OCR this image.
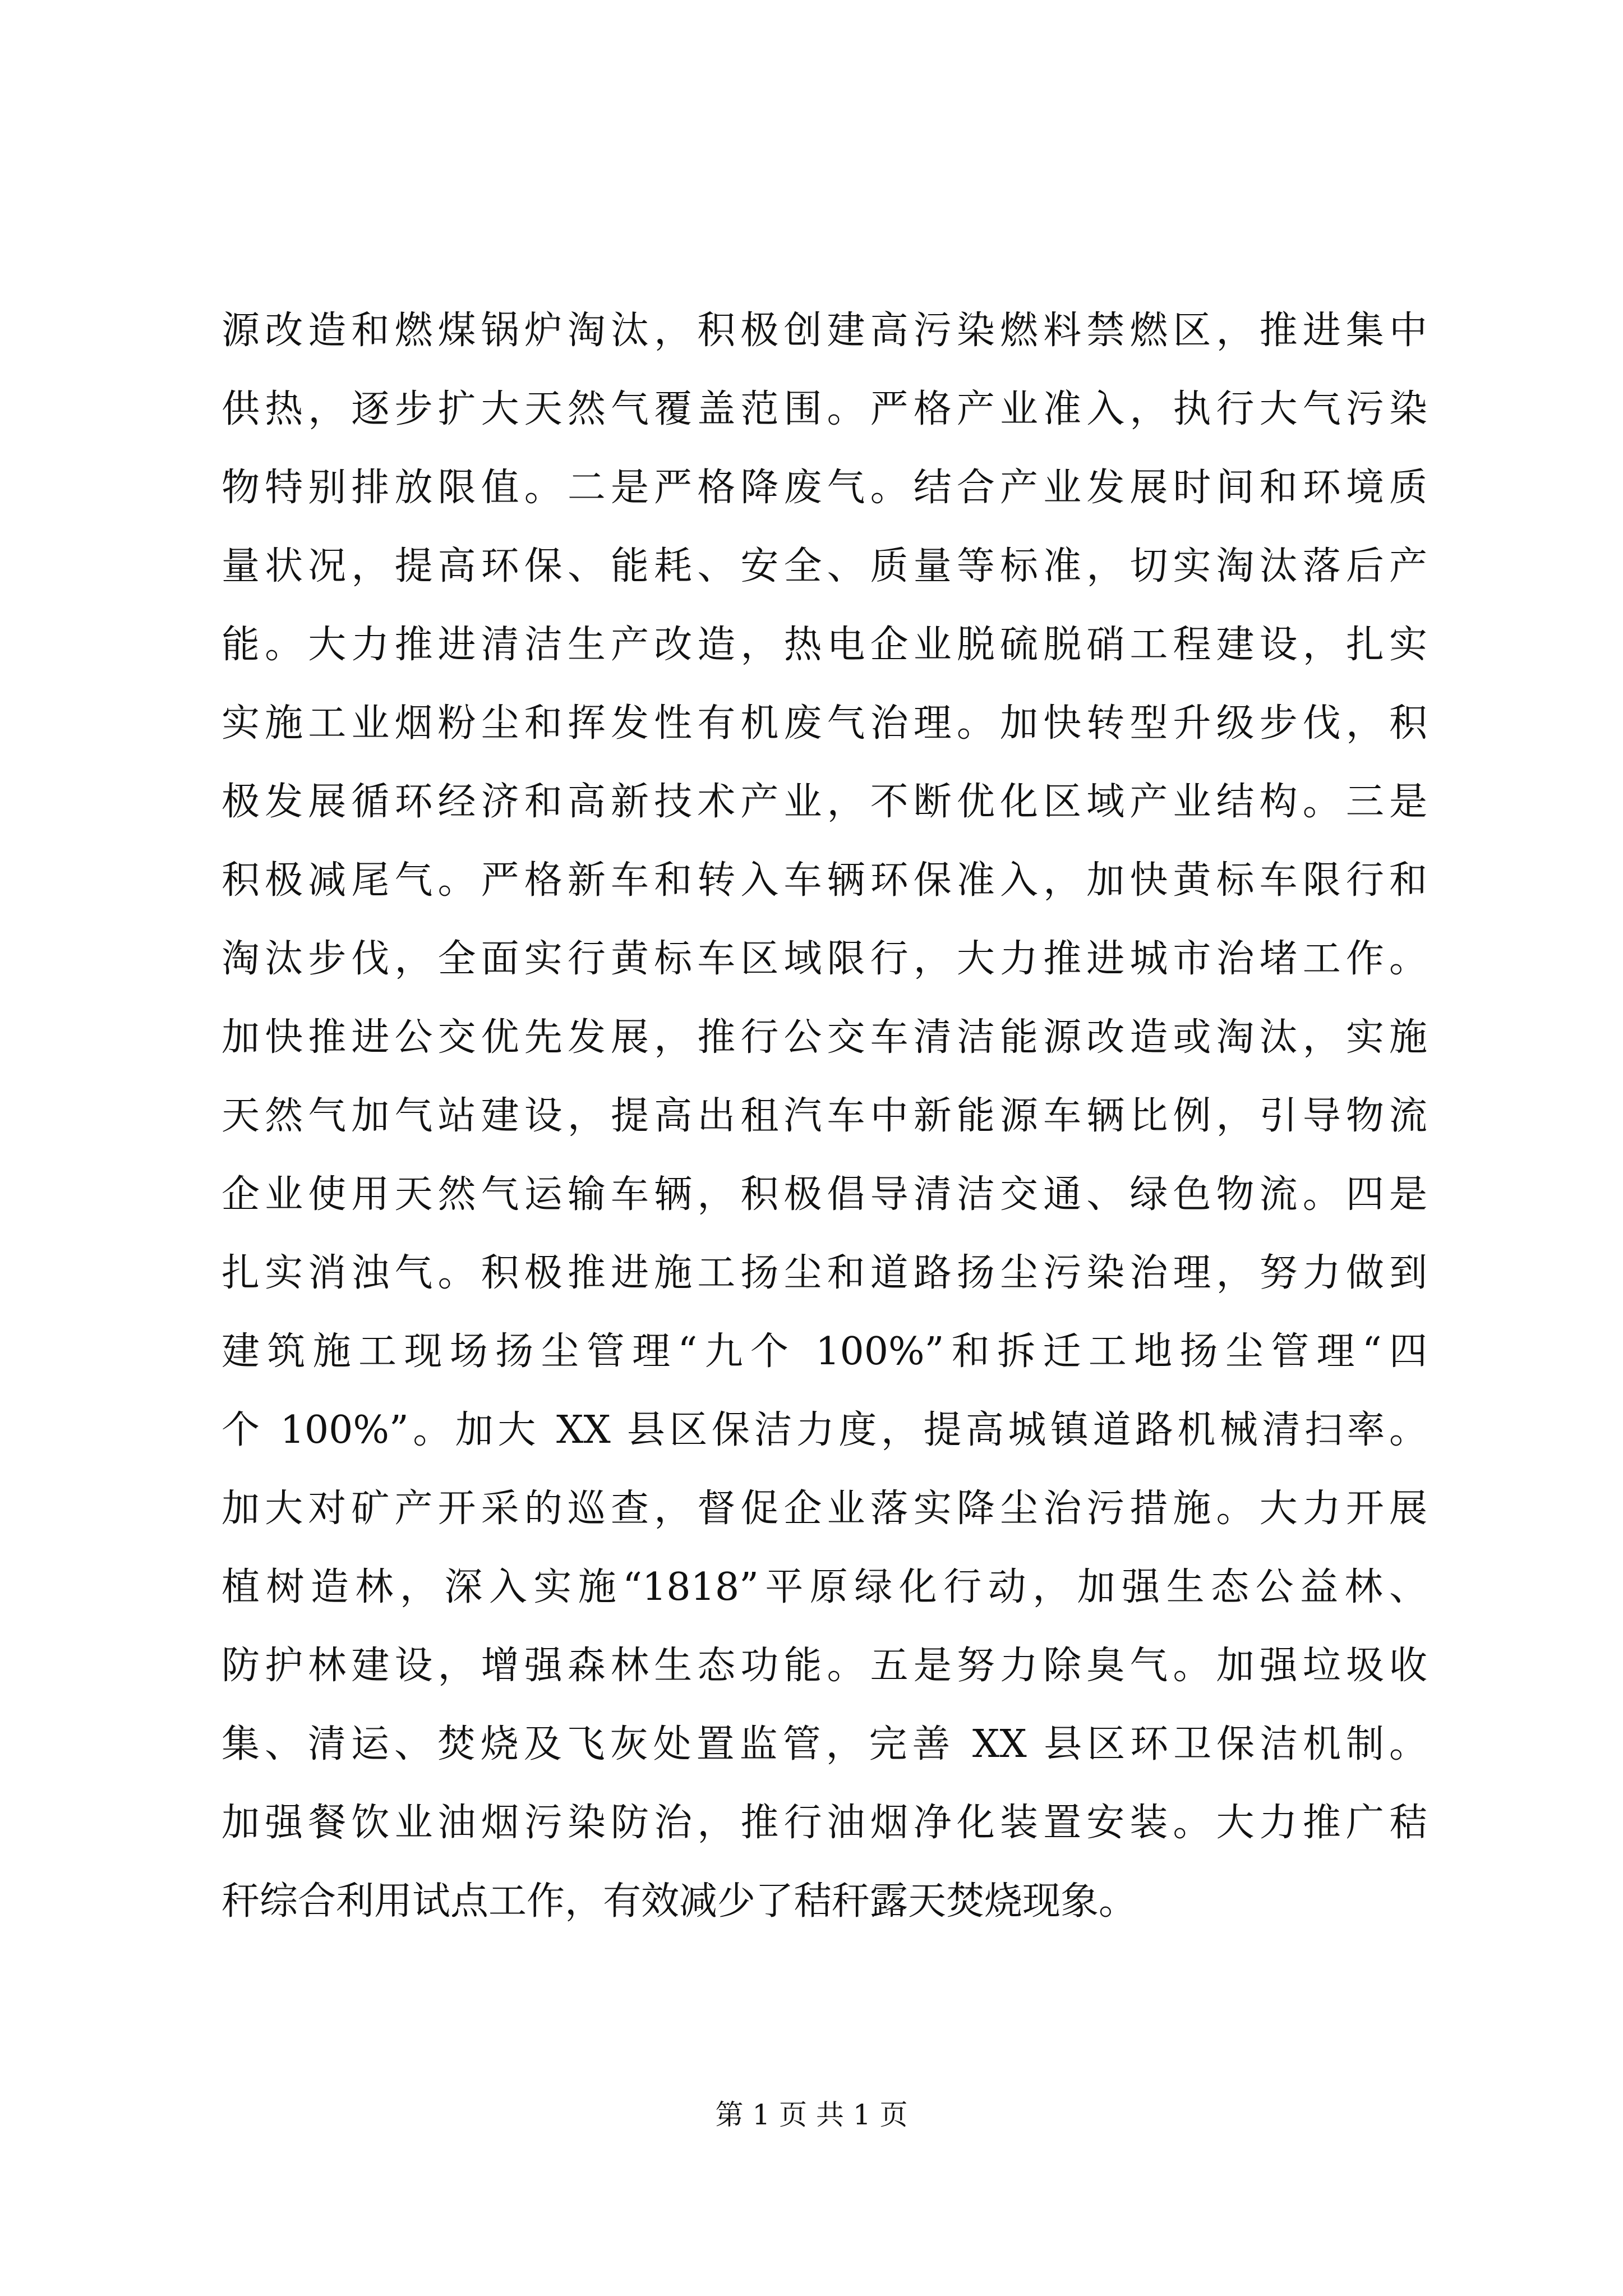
源改造和燃煤锅炉淘汰，积极创建高污染燃料禁燃区，推进集中
供热，逐步扩大天然气覆盖范围。严格产业准入，执行大气污染
物特别排放限值。二是严格降废气。结合产业发展时间和环境质
量状况，提高环保、能耗、安全、质量等标准，切实淘汰落后产
能。大力推进清洁生产改造，热电企业脱硫脱硝工程建设，扎实
实施工业烟粉尘和挥发性有机废气治理。加快转型升级步伐，积
极发展循环经济和高新技术产业，不断优化区域产业结构。三是
积极减尾气。严格新车和转入车辆环保准入，加快黄标车限行和
淘汰步伐，全面实行黄标车区域限行，大力推进城市治堵工作。
加快推进公交优先发展，推行公交车清洁能源改造或淘汰，实施
天然气加气站建设，提高出租汽车中新能源车辆比例，引导物流
企业使用天然气运输车辆，积极倡导清洁交通、绿色物流。四是
扎实消浊气。积极推进施工扬尘和道路扬尘污染治理，努力做到
建筑施工现场扬尘管理“九个 100%”和拆迁工地扬尘管理“四
个 100%”。加大 XX 县区保洁力度，提高城镇道路机械清扫率。
加大对矿产开采的巡查，督促企业落实降尘治污措施。大力开展
植树造林，深入实施“1818”平原绿化行动，加强生态公益林、
防护林建设，增强森林生态功能。五是努力除臭气。加强垃圾收
集、清运、焚烧及飞灰处置监管，完善 XX 县区环卫保洁机制。
加强餐饮业油烟污染防治，推行油烟净化装置安装。大力推广秸
秆综合利用试点工作，有效减少了秸秆露天焚烧现象。
第 1 页 共 1 页
